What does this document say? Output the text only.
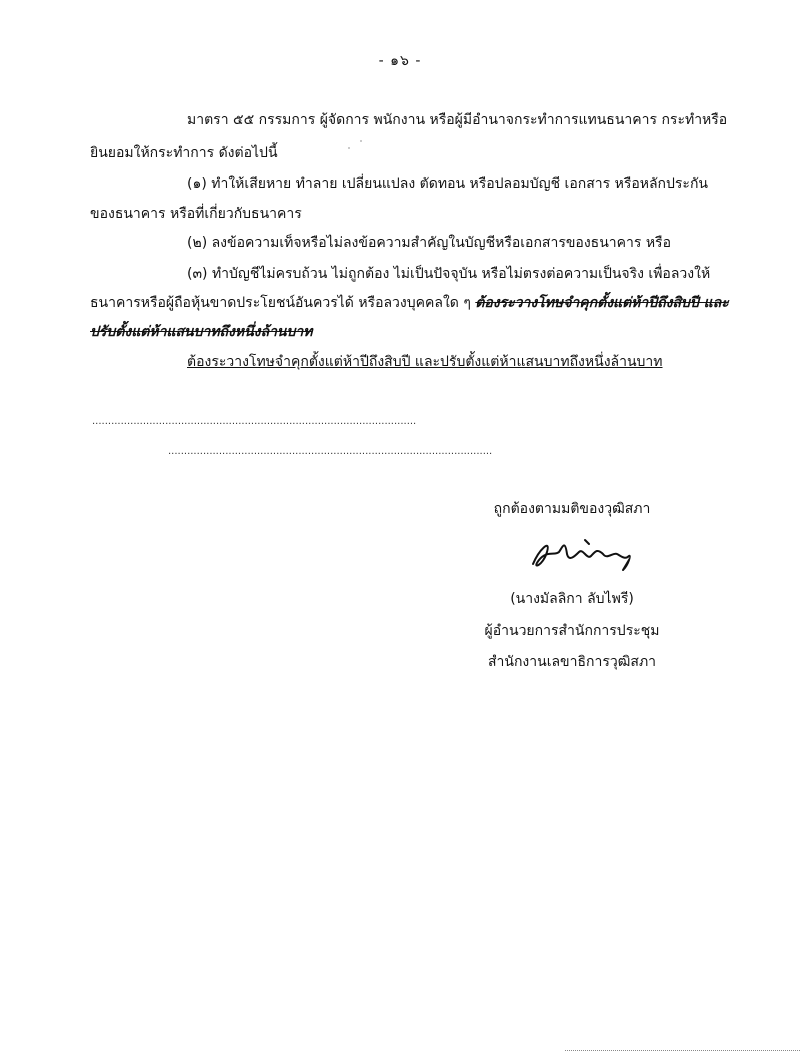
- ๑๖ -
มาตรา ๕๕ กรรมการ ผู้จัดการ พนักงาน หรือผู้มีอำนาจกระทำการแทนธนาคาร กระทำหรือ
ยินยอมให้กระทำการ ดังต่อไปนี้
(๑) ทำให้เสียหาย ทำลาย เปลี่ยนแปลง ตัดทอน หรือปลอมบัญชี เอกสาร หรือหลักประกัน
ของธนาคาร หรือที่เกี่ยวกับธนาคาร
(๒) ลงข้อความเท็จหรือไม่ลงข้อความสำคัญในบัญชีหรือเอกสารของธนาคาร หรือ
(๓) ทำบัญชีไม่ครบถ้วน ไม่ถูกต้อง ไม่เป็นปัจจุบัน หรือไม่ตรงต่อความเป็นจริง เพื่อลวงให้
ธนาคารหรือผู้ถือหุ้นขาดประโยชน์อันควรได้ หรือลวงบุคคลใด ๆ ต้องระวางโทษจำคุกตั้งแต่ห้าปีถึงสิบปี และ
ปรับตั้งแต่ห้าแสนบาทถึงหนึ่งล้านบาท
ต้องระวางโทษจำคุกตั้งแต่ห้าปีถึงสิบปี และปรับตั้งแต่ห้าแสนบาทถึงหนึ่งล้านบาท
......................................................................................................
......................................................................................................
ถูกต้องตามมติของวุฒิสภา
(นางมัลลิกา ลับไพรี)
ผู้อำนวยการสำนักการประชุม
สำนักงานเลขาธิการวุฒิสภา
